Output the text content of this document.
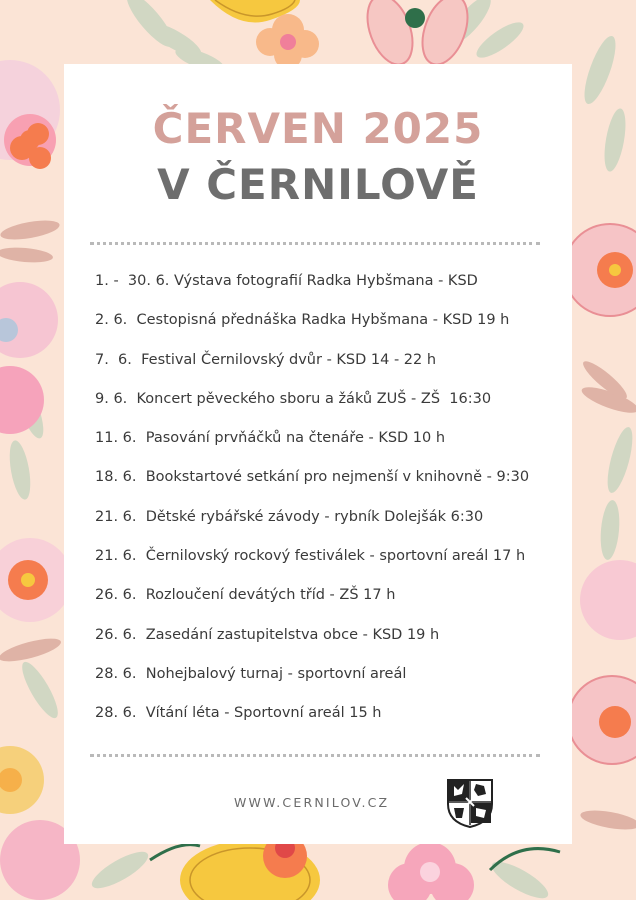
ČERVEN 2025
V ČERNILOVĚ
1. -  30. 6. Výstava fotografií Radka Hybšmana - KSD
2. 6.  Cestopisná přednáška Radka Hybšmana - KSD 19 h
7.  6.  Festival Černilovský dvůr - KSD 14 - 22 h
9. 6.  Koncert pěveckého sboru a žáků ZUŠ - ZŠ  16:30
11. 6.  Pasování prvňáčků na čtenáře - KSD 10 h
18. 6.  Bookstartové setkání pro nejmenší v knihovně - 9:30
21. 6.  Dětské rybářské závody - rybník Dolejšák 6:30
21. 6.  Černilovský rockový festiválek - sportovní areál 17 h
26. 6.  Rozloučení devátých tříd - ZŠ 17 h
26. 6.  Zasedání zastupitelstva obce - KSD 19 h
28. 6.  Nohejbalový turnaj - sportovní areál
28. 6.  Vítání léta - Sportovní areál 15 h
WWW.CERNILOV.CZ
